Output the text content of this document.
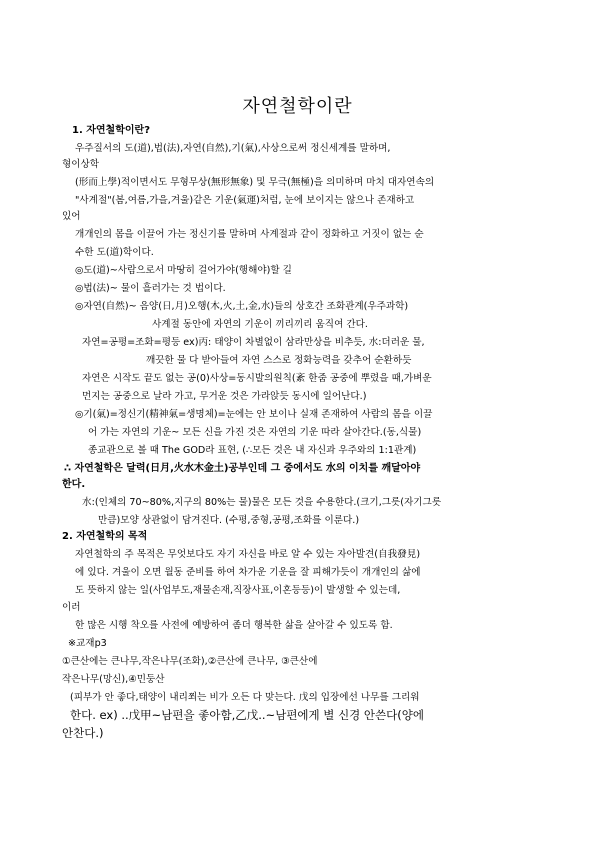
자연철학이란
1. 자연철학이란?
우주질서의 도(道),법(法),자연(自然),기(氣),사상으로써 정신세계를 말하며,
형이상학
(形而上學)적이면서도 무형무상(無形無象) 및 무극(無極)을 의미하며 마치 대자연속의
"사계절"(봄,여름,가을,겨울)같은 기운(氣運)처럼, 눈에 보이지는 않으나 존재하고
있어
개개인의 몸을 이끌어 가는 정신기를 말하며 사계절과 같이 정화하고 거짓이 없는 순
수한 도(道)학이다.
◎도(道)~사람으로서 마땅히 걸어가야(행해야)할 길
◎법(法)~ 물이 흘러가는 것 법이다.
◎자연(自然)~ 음양(日,月)오행(木,火,土,金,水)들의 상호간 조화관계(우주과학)
사계절 동안에 자연의 기운이 끼리끼리 움직여 간다.
자연=공평=조화=평등 ex)丙: 태양이 차별없이 삼라만상을 비추듯, 水:더러운 물,
깨끗한 물 다 받아들여 자연 스스로 정화능력을 갖추어 순환하듯
자연은 시작도 끝도 없는 공(0)사상=동시발의원칙(紊 한줌 공중에 뿌렸을 때,가벼운
먼지는 공중으로 날라 가고, 무거운 것은 가라앉듯 동시에 일어난다.)
◎기(氣)=정신기(精神氣=생명체)=눈에는 안 보이나 실재 존재하여 사람의 몸을 이끌
어 가는 자연의 기운~ 모든 신을 가진 것은 자연의 기운 따라 살아간다.(동,식물)
종교관으로 볼 때 The GOD라 표현, (∴모든 것은 내 자신과 우주와의 1:1관계)
∴ 자연철학은 달력(日月,火水木金土)공부인데 그 중에서도 水의 이치를 깨달아야
한다.
水:(인체의 70~80%,지구의 80%는 물)물은 모든 것을 수용한다.(크기,그릇(자기그릇
만큼)모양 상관없이 담겨진다. (수평,중형,공평,조화를 이룬다.)
2. 자연철학의 목적
자연철학의 주 목적은 무엇보다도 자기 자신을 바로 알 수 있는 자아발견(自我發見)
에 있다. 겨울이 오면 월동 준비를 하여 차가운 기운을 잘 피해가듯이 개개인의 삶에
도 뜻하지 않는 일(사업부도,재물손재,직장사표,이혼등등)이 발생할 수 있는데,
이러
한 많은 시행 착오를 사전에 예방하여 좀더 행복한 삶을 살아갈 수 있도록 함.
※교재p3
①큰산에는 큰나무,작은나무(조화),②큰산에 큰나무, ③큰산에
작은나무(망신),④민둥산
(피부가 안 좋다,태양이 내리쬐는 비가 오든 다 맞는다. 戊의 입장에선 나무를 그리워
한다. ex) ..戊甲~남편을 좋아함,乙戊..~남편에게 별 신경 안쓴다(양에
안찬다.)
